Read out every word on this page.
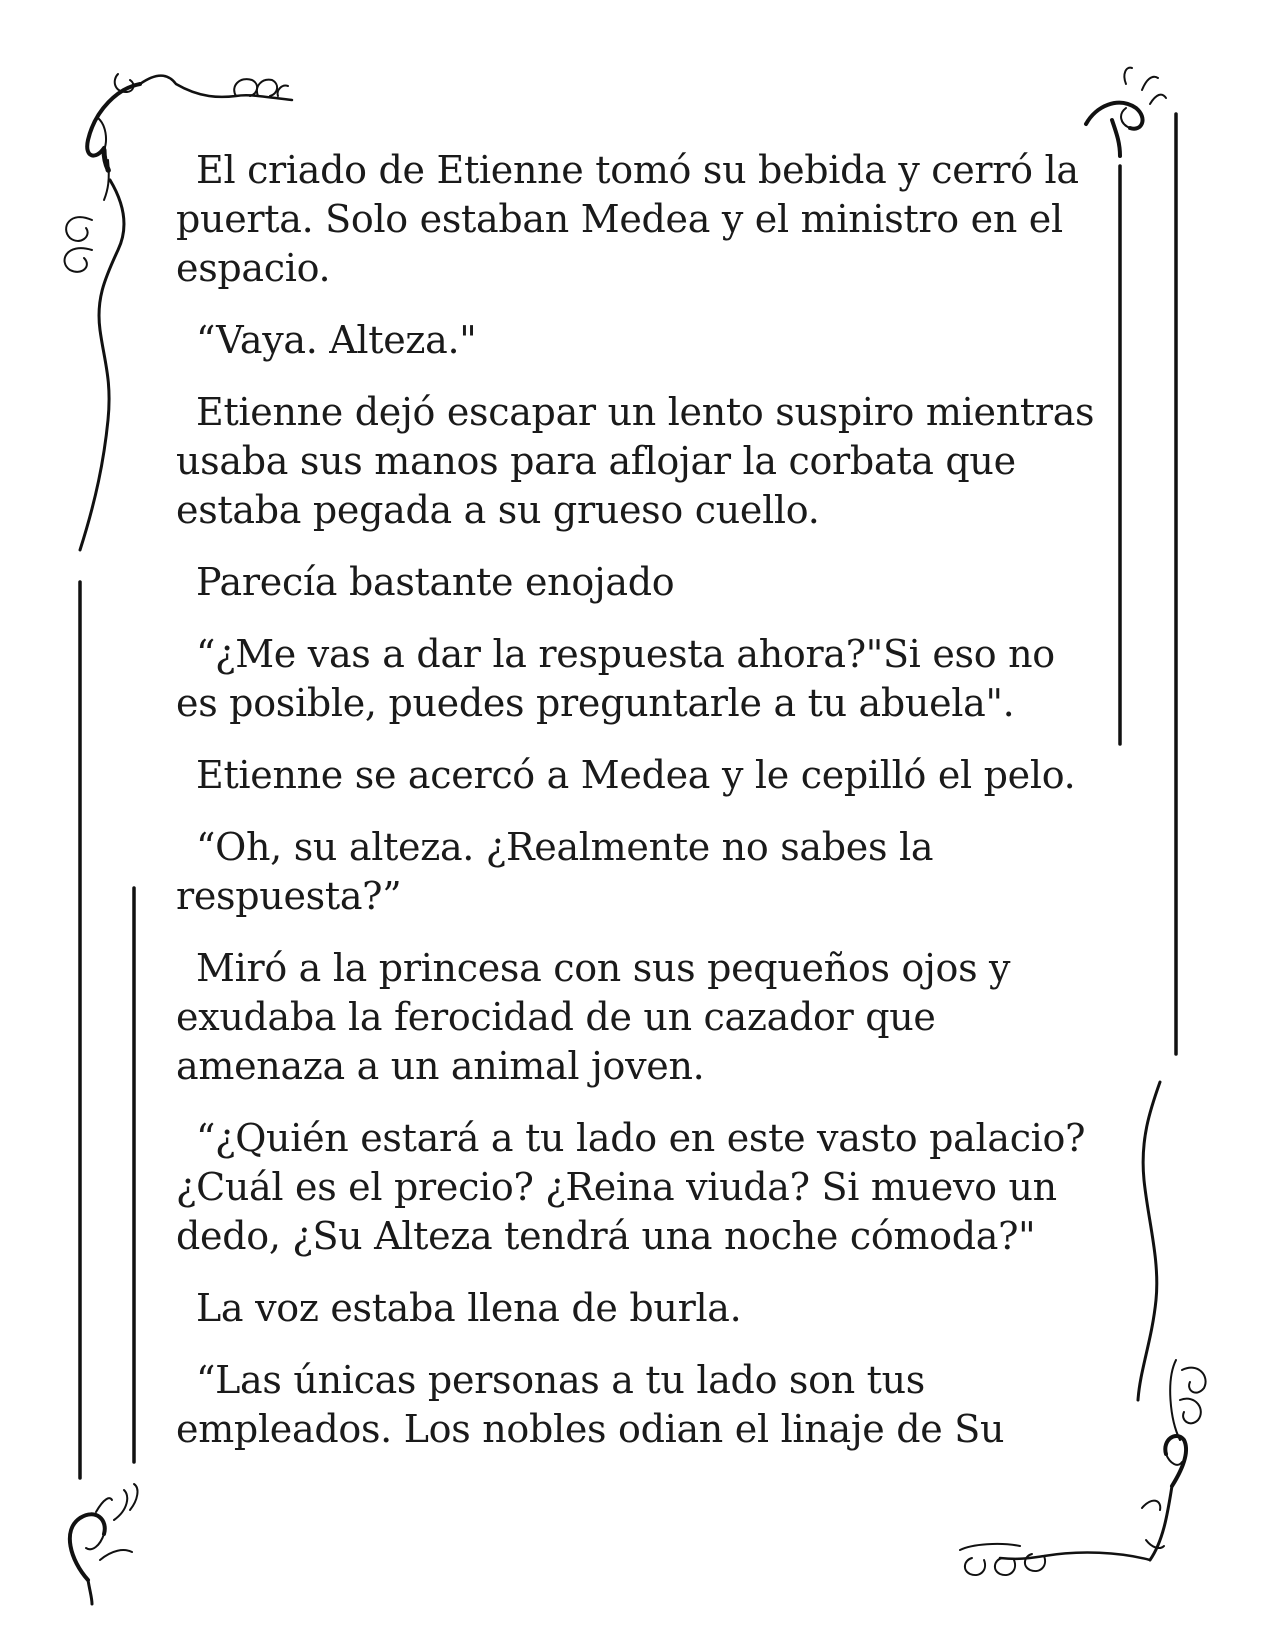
El criado de Etienne tomó su bebida y cerró la puerta. Solo estaban Medea y el ministro en el espacio.

“Vaya. Alteza."

Etienne dejó escapar un lento suspiro mientras usaba sus manos para aflojar la corbata que estaba pegada a su grueso cuello.

Parecía bastante enojado

“¿Me vas a dar la respuesta ahora?"Si eso no es posible, puedes preguntarle a tu abuela".

Etienne se acercó a Medea y le cepilló el pelo.

“Oh, su alteza. ¿Realmente no sabes la respuesta?”

Miró a la princesa con sus pequeños ojos y exudaba la ferocidad de un cazador que amenaza a un animal joven.

“¿Quién estará a tu lado en este vasto palacio? ¿Cuál es el precio? ¿Reina viuda? Si muevo un dedo, ¿Su Alteza tendrá una noche cómoda?"

La voz estaba llena de burla.

“Las únicas personas a tu lado son tus empleados. Los nobles odian el linaje de Su
